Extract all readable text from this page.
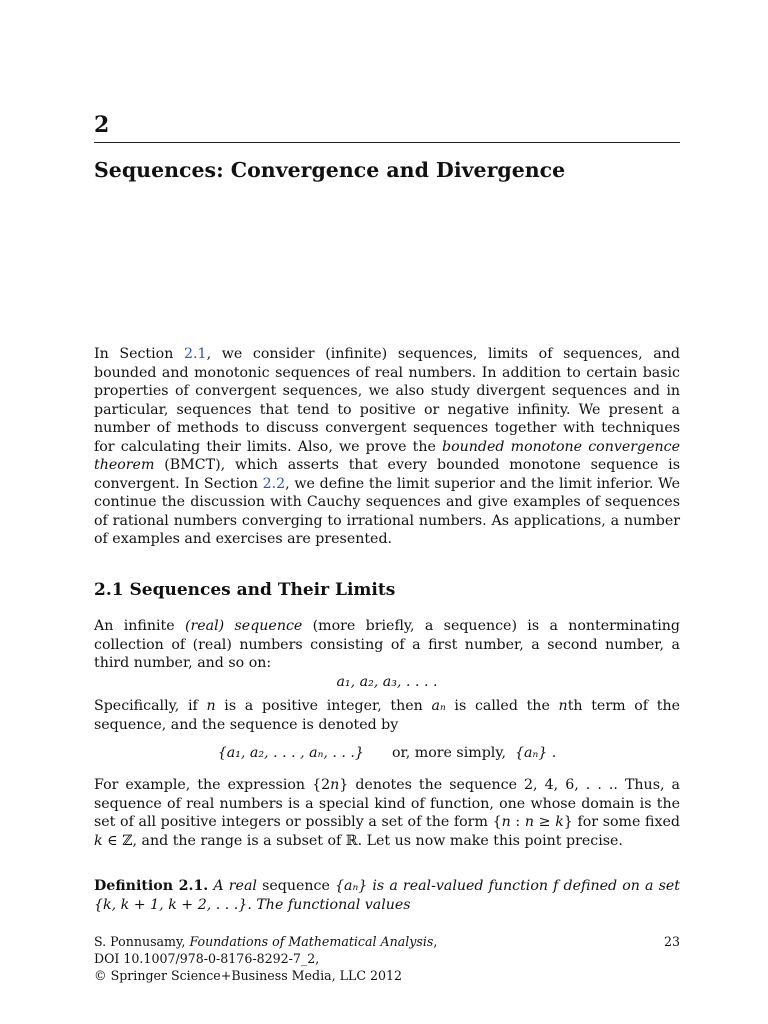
2
Sequences: Convergence and Divergence

In Section 2.1, we consider (infinite) sequences, limits of sequences, and bounded and monotonic sequences of real numbers. In addition to certain basic properties of convergent sequences, we also study divergent sequences and in particular, sequences that tend to positive or negative infinity. We present a number of methods to discuss convergent sequences together with techniques for calculating their limits. Also, we prove the bounded monotone convergence theorem (BMCT), which asserts that every bounded monotone sequence is convergent. In Section 2.2, we define the limit superior and the limit inferior. We continue the discussion with Cauchy sequences and give examples of sequences of rational numbers converging to irrational numbers. As applications, a number of examples and exercises are presented.

2.1 Sequences and Their Limits

An infinite (real) sequence (more briefly, a sequence) is a nonterminating collection of (real) numbers consisting of a first number, a second number, a third number, and so on:

a₁, a₂, a₃, . . . .

Specifically, if n is a positive integer, then aₙ is called the nth term of the sequence, and the sequence is denoted by

{a₁, a₂, . . . , aₙ, . . .} or, more simply, {aₙ} .

For example, the expression {2n} denotes the sequence 2, 4, 6, . . .. Thus, a sequence of real numbers is a special kind of function, one whose domain is the set of all positive integers or possibly a set of the form {n : n ≥ k} for some fixed k ∈ ℤ, and the range is a subset of ℝ. Let us now make this point precise.

Definition 2.1. A real sequence {aₙ} is a real-valued function f defined on a set {k, k + 1, k + 2, . . .}. The functional values

S. Ponnusamy, Foundations of Mathematical Analysis,
DOI 10.1007/978-0-8176-8292-7_2,
© Springer Science+Business Media, LLC 2012
23
